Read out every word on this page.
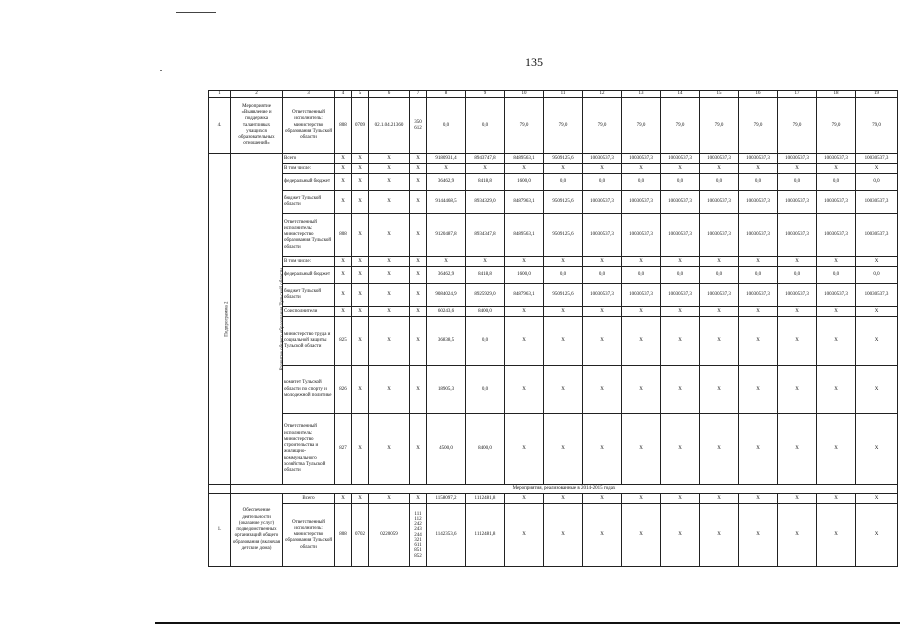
135
1	2	3	4	5	6	7	8	9	10	11	12	13	14	15	16	17	18	19
4.	Мероприятие «Выявление и поддержка талантливых учащихся образовательных отношений»	Ответственный исполнитель: министерство образования Тульской области	808	0709	02.1.04.21360	350 612	0,0	0,0	79,0	79,0	79,0	79,0	79,0	79,0	79,0	79,0	79,0	79,0
Подпрограмма 2	Развитие общего образования Тульской области	Всего	Х	Х	Х	Х	9180931,4	8943747,8	8489563,1	9509125,6	10030537,3	10030537,3	10030537,3	10030537,3	10030537,3	10030537,3	10030537,3	10030537,3
		В том числе:	Х	Х	Х	Х	Х	Х	Х	Х	Х	Х	Х	Х	Х	Х	Х	Х
		федеральный бюджет	Х	Х	Х	Х	36462,9	8418,8	1600,0	0,0	0,0	0,0	0,0	0,0	0,0	0,0	0,0	0,0
		бюджет Тульской области	Х	Х	Х	Х	9144468,5	8934329,0	8487963,1	9509125,6	10030537,3	10030537,3	10030537,3	10030537,3	10030537,3	10030537,3	10030537,3	10030537,3
		Ответственный исполнитель: министерство образования Тульской области	808	Х	Х	Х	9120487,8	8934347,8	8489563,1	9509125,6	10030537,3	10030537,3	10030537,3	10030537,3	10030537,3	10030537,3	10030537,3	10030537,3
		В том числе:	Х	Х	Х	Х	Х	Х	Х	Х	Х	Х	Х	Х	Х	Х	Х	Х
		федеральный бюджет	Х	Х	Х	Х	36462,9	8418,8	1600,0	0,0	0,0	0,0	0,0	0,0	0,0	0,0	0,0	0,0
		бюджет Тульской области	Х	Х	Х	Х	9084024,9	8925929,0	8487963,1	9509125,6	10030537,3	10030537,3	10030537,3	10030537,3	10030537,3	10030537,3	10030537,3	10030537,3
		Соисполнители	Х	Х	Х	Х	60243,6	8400,0	Х	Х	Х	Х	Х	Х	Х	Х	Х	Х
		министерство труда и социальной защиты Тульской области	825	Х	Х	Х	36838,5	0,0	Х	Х	Х	Х	Х	Х	Х	Х	Х	Х
		комитет Тульской области по спорту и молодежной политике	826	Х	Х	Х	18905,3	0,0	Х	Х	Х	Х	Х	Х	Х	Х	Х	Х
		Ответственный исполнитель: министерство строительства и жилищно-коммунального хозяйства Тульской области	827	Х	Х	Х	4500,0	8400,0	Х	Х	Х	Х	Х	Х	Х	Х	Х	Х
	Мероприятия, реализованные в 2014-2015 годах																	
1.	Обеспечение деятельности (оказание услуг) подведомственных организаций общего образования (включая детские дома)	Всего	Х	Х	Х	Х	1158097,2	1112481,8	Х	Х	Х	Х	Х	Х	Х	Х	Х	Х
		Ответственный исполнитель: министерство образования Тульской области	808	0702	0220059	111 112 242 243 244 321 611 851 852	1142353,6	1112481,8	Х	Х	Х	Х	Х	Х	Х	Х	Х	Х
